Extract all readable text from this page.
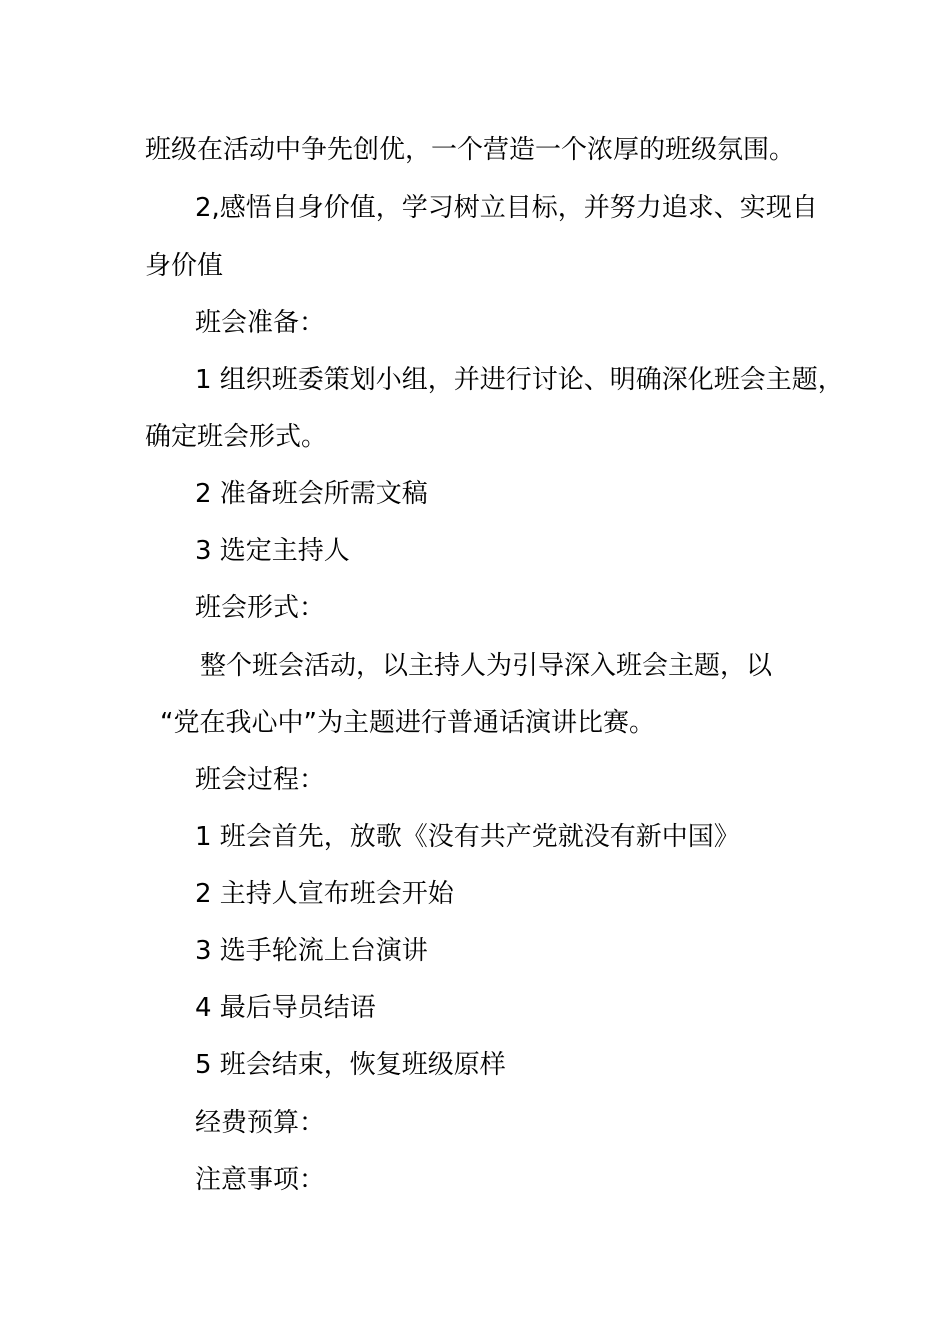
班级在活动中争先创优，一个营造一个浓厚的班级氛围。

2,感悟自身价值，学习树立目标，并努力追求、实现自

身价值

班会准备：

1 组织班委策划小组，并进行讨论、明确深化班会主题，

确定班会形式。

2 准备班会所需文稿

3 选定主持人

班会形式：

整个班会活动，以主持人为引导深入班会主题，以

“党在我心中”为主题进行普通话演讲比赛。

班会过程：

1 班会首先，放歌《没有共产党就没有新中国》

2 主持人宣布班会开始

3 选手轮流上台演讲

4 最后导员结语

5 班会结束，恢复班级原样

经费预算：

注意事项：
